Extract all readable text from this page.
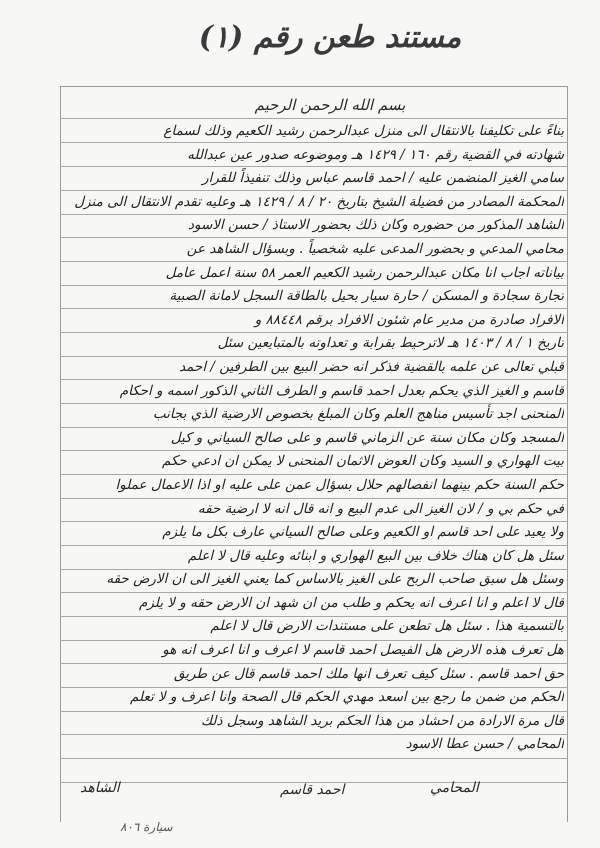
مستند طعن رقم (١)
بسم الله الرحمن الرحيم
بناءً على تكليفنا بالانتقال الى منزل عبدالرحمن رشيد الكعيم وذلك لسماع
شهادته في القضية رقم ١٦٠ / ١٤٢٩ هـ وموضوعه صدور عين عبدالله
سامي الغيز المنضمن عليه / احمد قاسم عباس وذلك تنفيذاً للقرار
المحكمة المصادر من فضيلة الشيخ بتاريخ ٢٠ / ٨ / ١٤٢٩ هـ وعليه تقدم الانتقال الى منزل
الشاهد المذكور من حضوره وكان ذلك بحضور الاستاذ / حسن الاسود
محامي المدعي و بحضور المدعى عليه شخصياً . وبسؤال الشاهد عن
بياناته اجاب انا مكان عبدالرحمن رشيد الكعيم العمر ٥٨ سنة اعمل عامل
تجارة سجادة و المسكن / حارة سيار بحيل بالطاقة السجل لامانة الصبية
الافراد صادرة من مدير عام شئون الافراد برقم ٨٨٤٤٨ و
تاريخ ١ / ٨ / ١٤٠٣ هـ لاترحيط بقرابة و تعداوته بالمتبايعين سئل
قبلي تعالى عن علمه بالقضية فذكر انه حضر البيع بين الطرفين / احمد
قاسم و الغيز الذي يحكم بعدل احمد قاسم و الطرف الثاني الذكور اسمه و احكام
المنحنى اجد تأسيس مناهج العلم وكان المبلغ بخصوص الارضية الذي بجانب
المسجد وكان مكان سنة عن الزماني قاسم و على صالح السياني و كيل
بيت الهواري و السيد وكان العوض الاثمان المنحنى لا يمكن ان ادعي حكم
حكم السنة حكم بينهما انفصالهم حلال بسؤال عمن على عليه او اذا الاعمال عملوا
في حكم بي و / لان الغيز الى عدم البيع و انه قال انه لا ارضية حقه
ولا يعيد على احد قاسم او الكعيم وعلى صالح السياني عارف بكل ما يلزم
سئل هل كان هناك خلاف بين البيع الهواري و ابنائه وعليه قال لا اعلم
وسئل هل سبق صاحب الربح على الغيز بالاساس كما يعني الغيز الى ان الارض حقه
قال لا اعلم و انا اعرف انه يحكم و طلب من ان شهد ان الارض حقه و لا يلزم
بالتسمية هذا . سئل هل تطعن على مستندات الارض قال لا اعلم
هل تعرف هذه الارض هل الفيصل احمد قاسم لا اعرف و انا اعرف انه هو
حق احمد قاسم . سئل كيف تعرف انها ملك احمد قاسم قال عن طريق
الحكم من ضمن ما رجع بين اسعد مهدي الحكم قال الصحة وانا اعرف و لا تعلم
قال مرة الارادة من احشاد من هذا الحكم بريد الشاهد وسجل ذلك
المحامي / حسن عطا الاسود
الشاهد	احمد قاسم	المحامي
سيارة ٨٠٦
